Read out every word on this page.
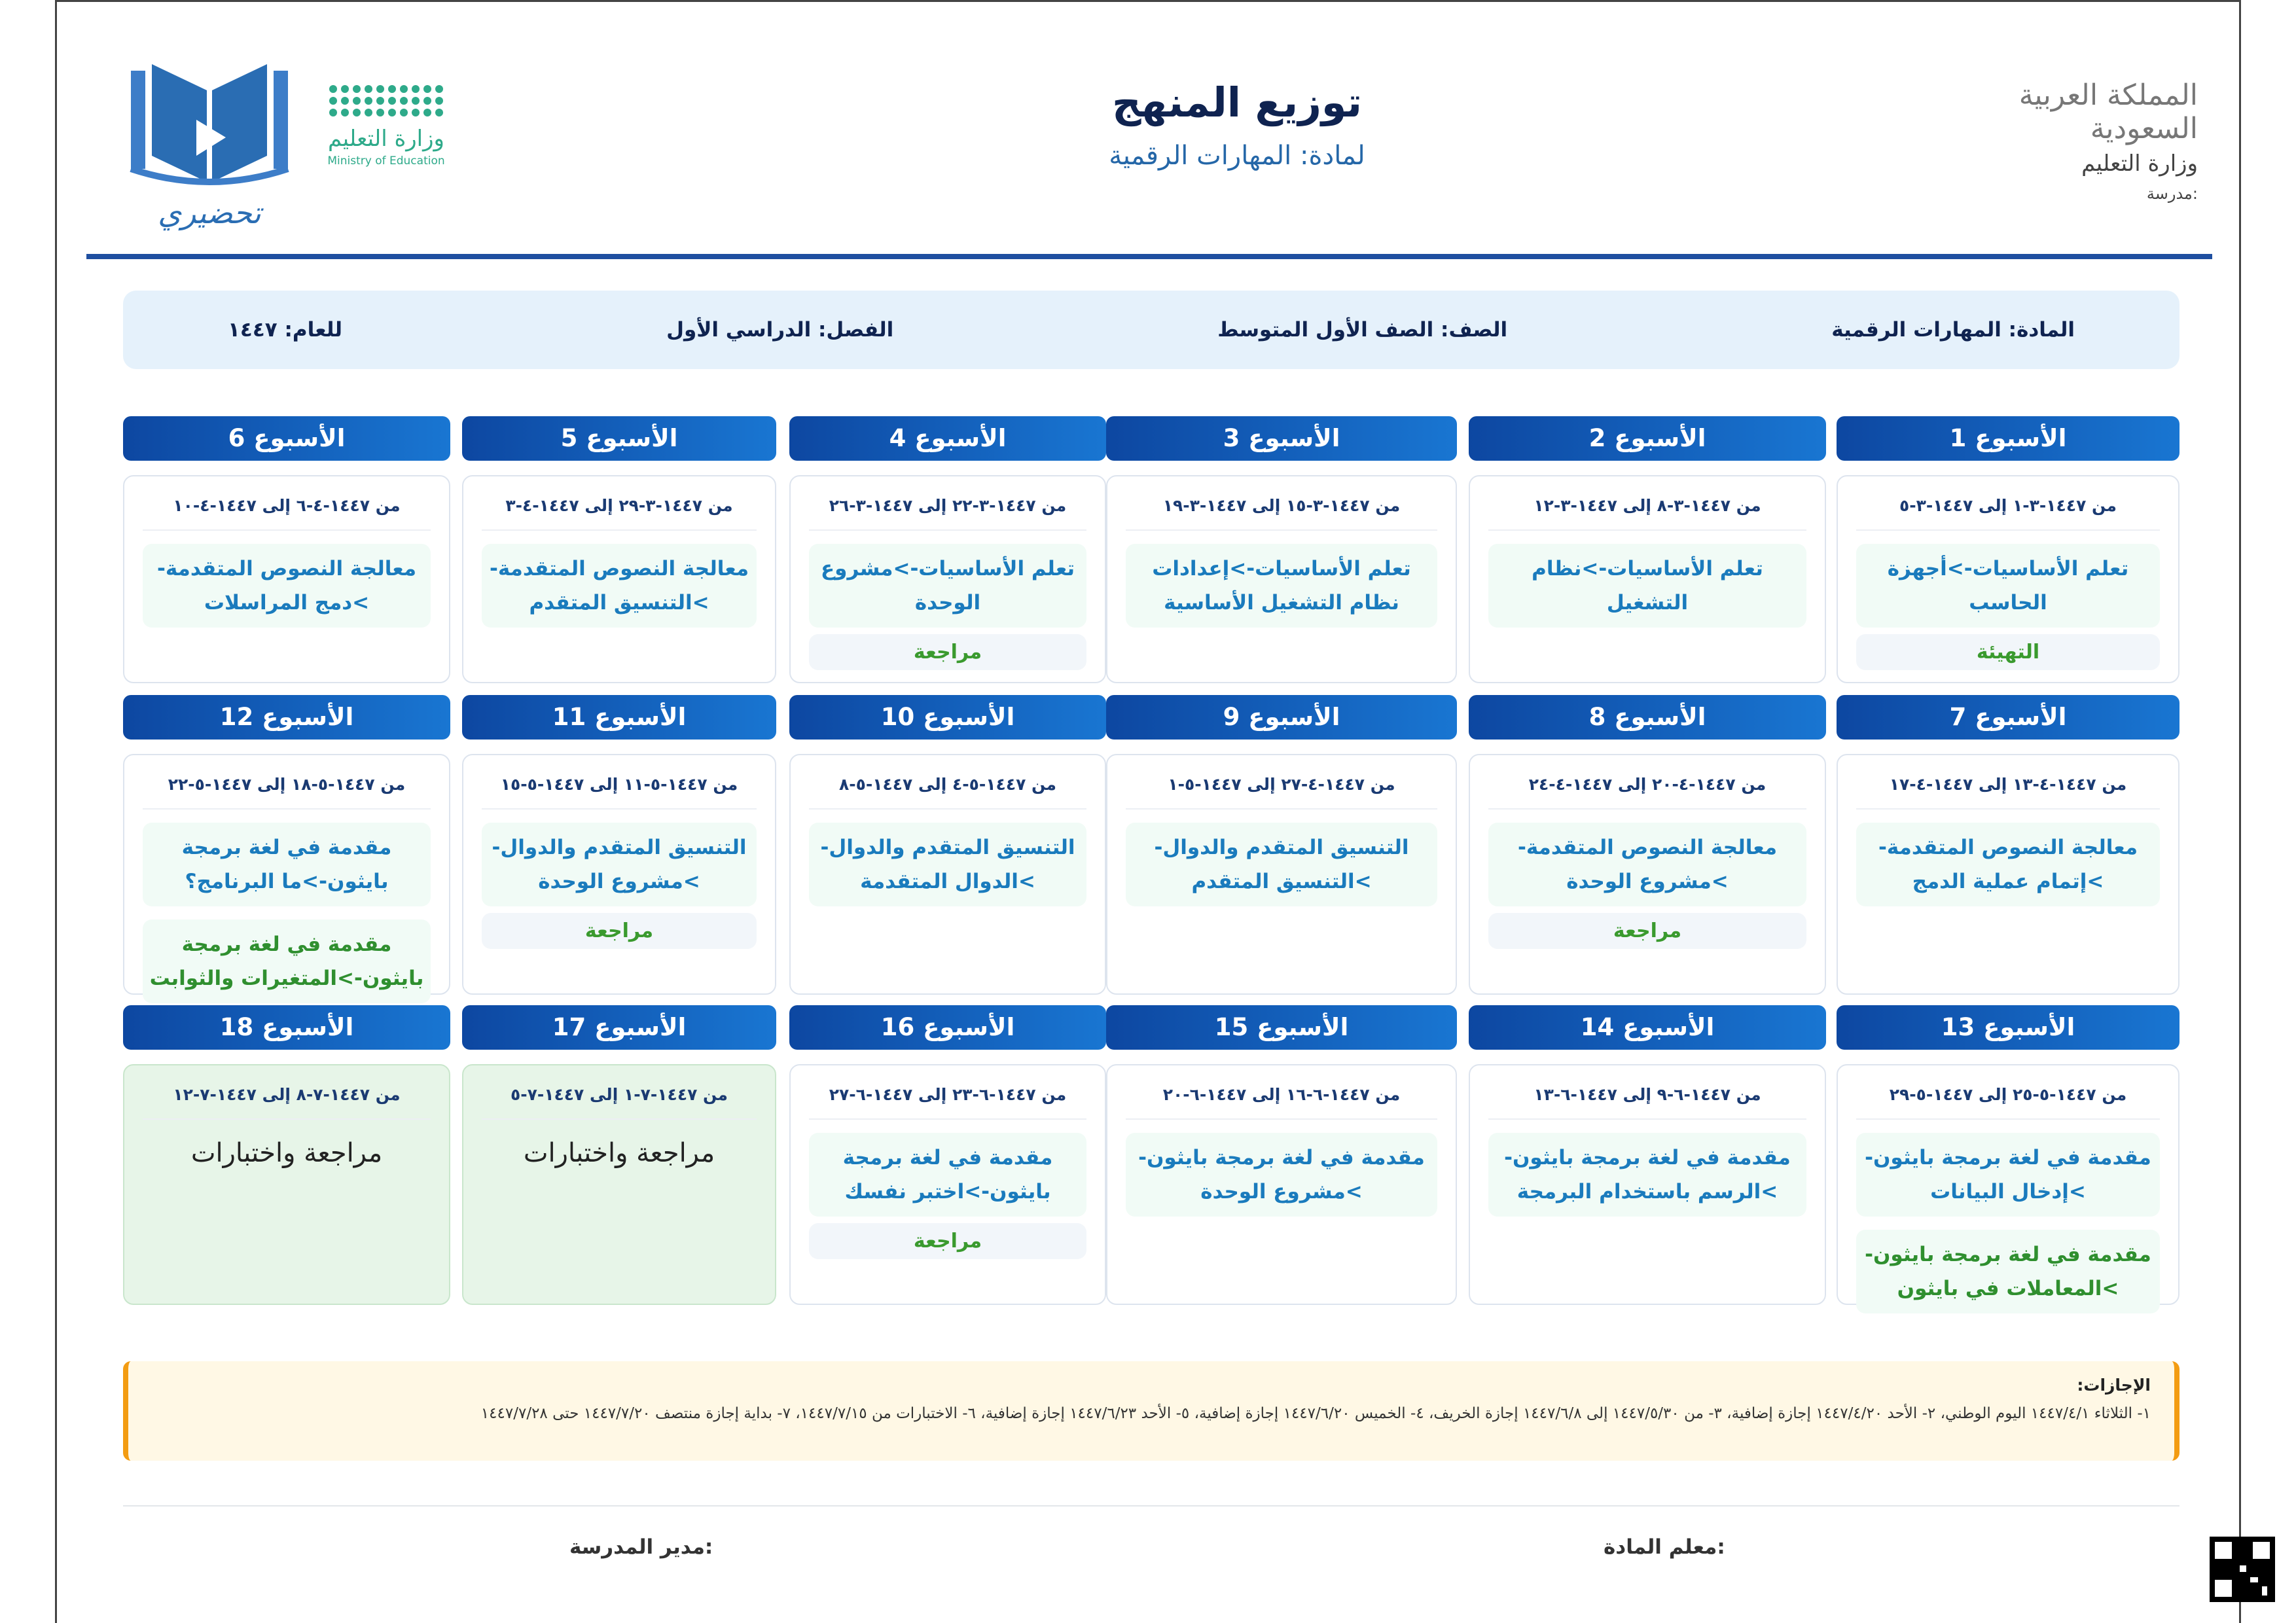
المملكة العربية السعودية
وزارة التعليم
مدرسة:
توزيع المنهج
لمادة: المهارات الرقمية
وزارة التعليم
Ministry of Education
تحضيري
المادة: المهارات الرقمية
الصف: الصف الأول المتوسط
الفصل: الدراسي الأول
للعام: ١٤٤٧
الأسبوع 1
من ١٤٤٧-٣-١ إلى ١٤٤٧-٣-٥
تعلم الأساسيات->أجهزة الحاسب
التهيئة
الأسبوع 2
من ١٤٤٧-٣-٨ إلى ١٤٤٧-٣-١٢
تعلم الأساسيات->نظام التشغيل
الأسبوع 3
من ١٤٤٧-٣-١٥ إلى ١٤٤٧-٣-١٩
تعلم الأساسيات->إعدادات نظام التشغيل الأساسية
الأسبوع 4
من ١٤٤٧-٣-٢٢ إلى ١٤٤٧-٣-٢٦
تعلم الأساسيات->مشروع الوحدة
مراجعة
الأسبوع 5
من ١٤٤٧-٣-٢٩ إلى ١٤٤٧-٤-٣
معالجة النصوص المتقدمة->التنسيق المتقدم
الأسبوع 6
من ١٤٤٧-٤-٦ إلى ١٤٤٧-٤-١٠
معالجة النصوص المتقدمة->دمج المراسلات
الأسبوع 7
من ١٤٤٧-٤-١٣ إلى ١٤٤٧-٤-١٧
معالجة النصوص المتقدمة->إتمام عملية الدمج
الأسبوع 8
من ١٤٤٧-٤-٢٠ إلى ١٤٤٧-٤-٢٤
معالجة النصوص المتقدمة->مشروع الوحدة
مراجعة
الأسبوع 9
من ١٤٤٧-٤-٢٧ إلى ١٤٤٧-٥-١
التنسيق المتقدم والدوال->التنسيق المتقدم
الأسبوع 10
من ١٤٤٧-٥-٤ إلى ١٤٤٧-٥-٨
التنسيق المتقدم والدوال->الدوال المتقدمة
الأسبوع 11
من ١٤٤٧-٥-١١ إلى ١٤٤٧-٥-١٥
التنسيق المتقدم والدوال->مشروع الوحدة
مراجعة
الأسبوع 12
من ١٤٤٧-٥-١٨ إلى ١٤٤٧-٥-٢٢
مقدمة في لغة برمجة بايثون->ما البرنامج؟
مقدمة في لغة برمجة بايثون->المتغيرات والثوابت
الأسبوع 13
من ١٤٤٧-٥-٢٥ إلى ١٤٤٧-٥-٢٩
مقدمة في لغة برمجة بايثون->إدخال البيانات
مقدمة في لغة برمجة بايثون->المعاملات في بايثون
الأسبوع 14
من ١٤٤٧-٦-٩ إلى ١٤٤٧-٦-١٣
مقدمة في لغة برمجة بايثون->الرسم باستخدام البرمجة
الأسبوع 15
من ١٤٤٧-٦-١٦ إلى ١٤٤٧-٦-٢٠
مقدمة في لغة برمجة بايثون->مشروع الوحدة
الأسبوع 16
من ١٤٤٧-٦-٢٣ إلى ١٤٤٧-٦-٢٧
مقدمة في لغة برمجة بايثون->اختبر نفسك
مراجعة
الأسبوع 17
من ١٤٤٧-٧-١ إلى ١٤٤٧-٧-٥
مراجعة واختبارات
الأسبوع 18
من ١٤٤٧-٧-٨ إلى ١٤٤٧-٧-١٢
مراجعة واختبارات
الإجازات:
١- الثلاثاء ١٤٤٧/٤/١ اليوم الوطني، ٢- الأحد ١٤٤٧/٤/٢٠ إجازة إضافية، ٣- من ١٤٤٧/٥/٣٠ إلى ١٤٤٧/٦/٨ إجازة الخريف، ٤- الخميس ١٤٤٧/٦/٢٠ إجازة إضافية، ٥- الأحد ١٤٤٧/٦/٢٣ إجازة إضافية، ٦- الاختبارات من ١٤٤٧/٧/١٥، ٧- بداية إجازة منتصف ١٤٤٧/٧/٢٠ حتى ١٤٤٧/٧/٢٨
معلم المادة:
مدير المدرسة:
